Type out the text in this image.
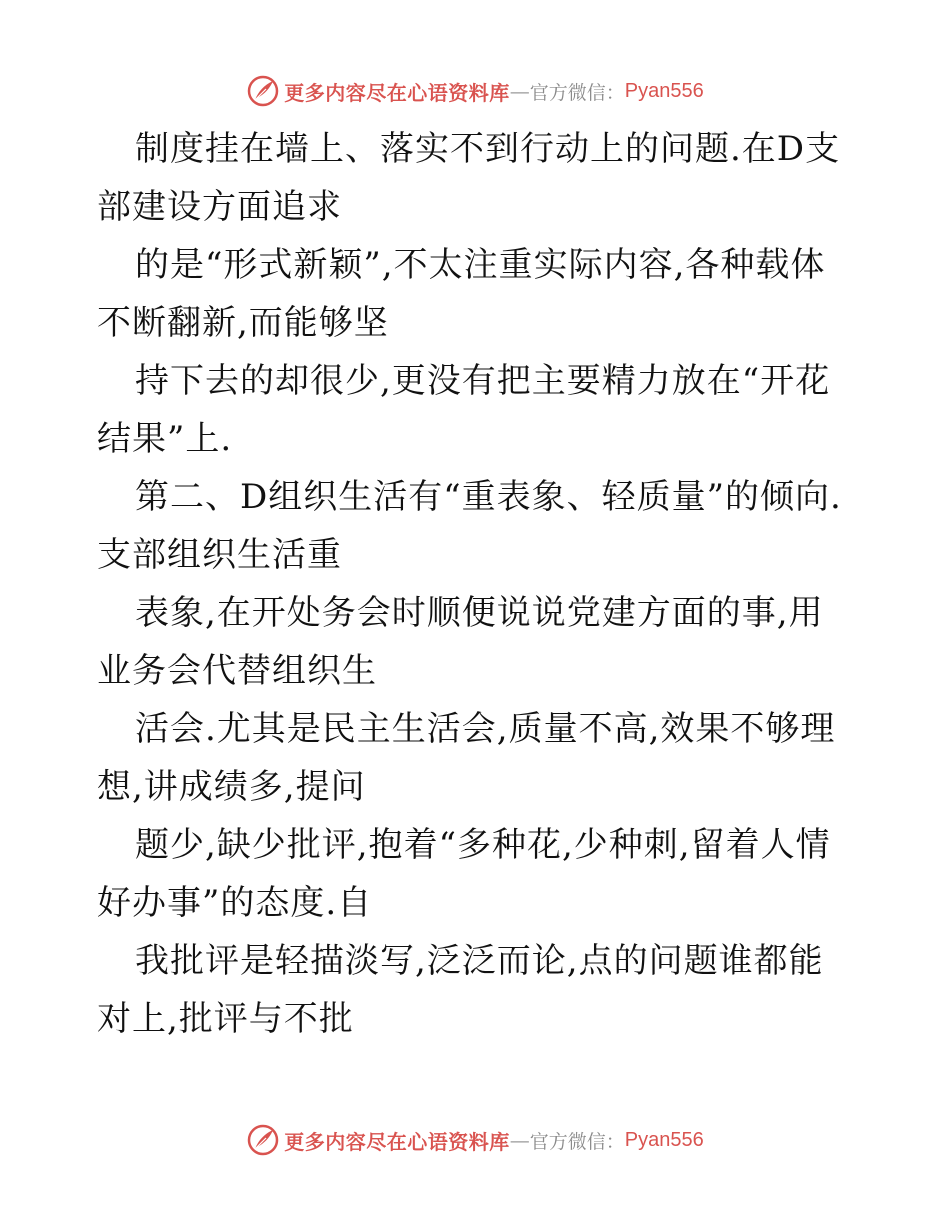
更多内容尽在心语资料库 — 官方微信： Pyan556

制度挂在墙上、落实不到行动上的问题.在D支部建设方面追求

的是“形式新颖”,不太注重实际内容,各种载体不断翻新,而能够坚

持下去的却很少,更没有把主要精力放在“开花结果”上.

第二、D组织生活有“重表象、轻质量”的倾向.支部组织生活重

表象,在开处务会时顺便说说党建方面的事,用业务会代替组织生

活会.尤其是民主生活会,质量不高,效果不够理想,讲成绩多,提问

题少,缺少批评,抱着“多种花,少种刺,留着人情好办事”的态度.自

我批评是轻描淡写,泛泛而论,点的问题谁都能对上,批评与不批

更多内容尽在心语资料库 — 官方微信： Pyan556
